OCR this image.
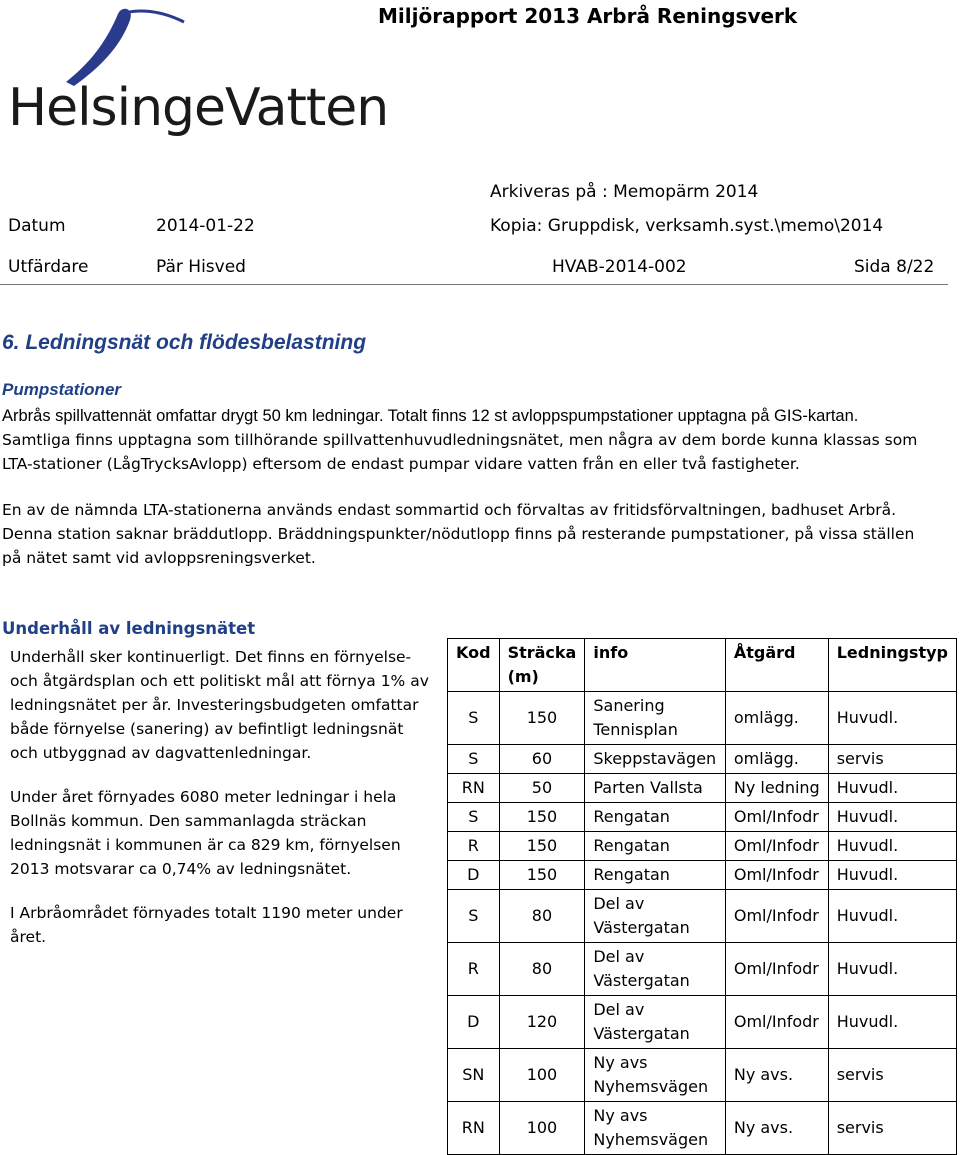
Miljörapport 2013 Arbrå Reningsverk
HelsingeVatten
Arkiveras på : Memopärm 2014
Datum	2014-01-22	Kopia: Gruppdisk, verksamh.syst.\memo\2014
Utfärdare	Pär Hisved	HVAB-2014-002	Sida 8/22
6. Ledningsnät och flödesbelastning
Pumpstationer
Arbrås spillvattennät omfattar drygt 50 km ledningar. Totalt finns 12 st avloppspumpstationer upptagna på GIS-kartan.
Samtliga finns upptagna som tillhörande spillvattenhuvudledningsnätet, men några av dem borde kunna klassas som
LTA-stationer (LågTrycksAvlopp) eftersom de endast pumpar vidare vatten från en eller två fastigheter.
En av de nämnda LTA-stationerna används endast sommartid och förvaltas av fritidsförvaltningen, badhuset Arbrå.
Denna station saknar bräddutlopp. Bräddningspunkter/nödutlopp finns på resterande pumpstationer, på vissa ställen
på nätet samt vid avloppsreningsverket.
Underhåll av ledningsnätet

Underhåll sker kontinuerligt. Det finns en förnyelse-

och åtgärdsplan och ett politiskt mål att förnya 1% av

ledningsnätet per år. Investeringsbudgeten omfattar

både förnyelse (sanering) av befintligt ledningsnät

och utbyggnad av dagvattenledningar.

Under året förnyades 6080 meter ledningar i hela

Bollnäs kommun. Den sammanlagda sträckan

ledningsnät i kommunen är ca 829 km, förnyelsen

2013 motsvarar ca 0,74% av ledningsnätet.

I Arbråområdet förnyades totalt 1190 meter under

året.

Kod	Sträcka (m)	info	Åtgärd	Ledningstyp
S	150	Sanering Tennisplan	omlägg.	Huvudl.
S	60	Skeppstavägen	omlägg.	servis
RN	50	Parten Vallsta	Ny ledning	Huvudl.
S	150	Rengatan	Oml/Infodr	Huvudl.
R	150	Rengatan	Oml/Infodr	Huvudl.
D	150	Rengatan	Oml/Infodr	Huvudl.
S	80	Del av Västergatan	Oml/Infodr	Huvudl.
R	80	Del av Västergatan	Oml/Infodr	Huvudl.
D	120	Del av Västergatan	Oml/Infodr	Huvudl.
SN	100	Ny avs Nyhemsvägen	Ny avs.	servis
RN	100	Ny avs Nyhemsvägen	Ny avs.	servis
